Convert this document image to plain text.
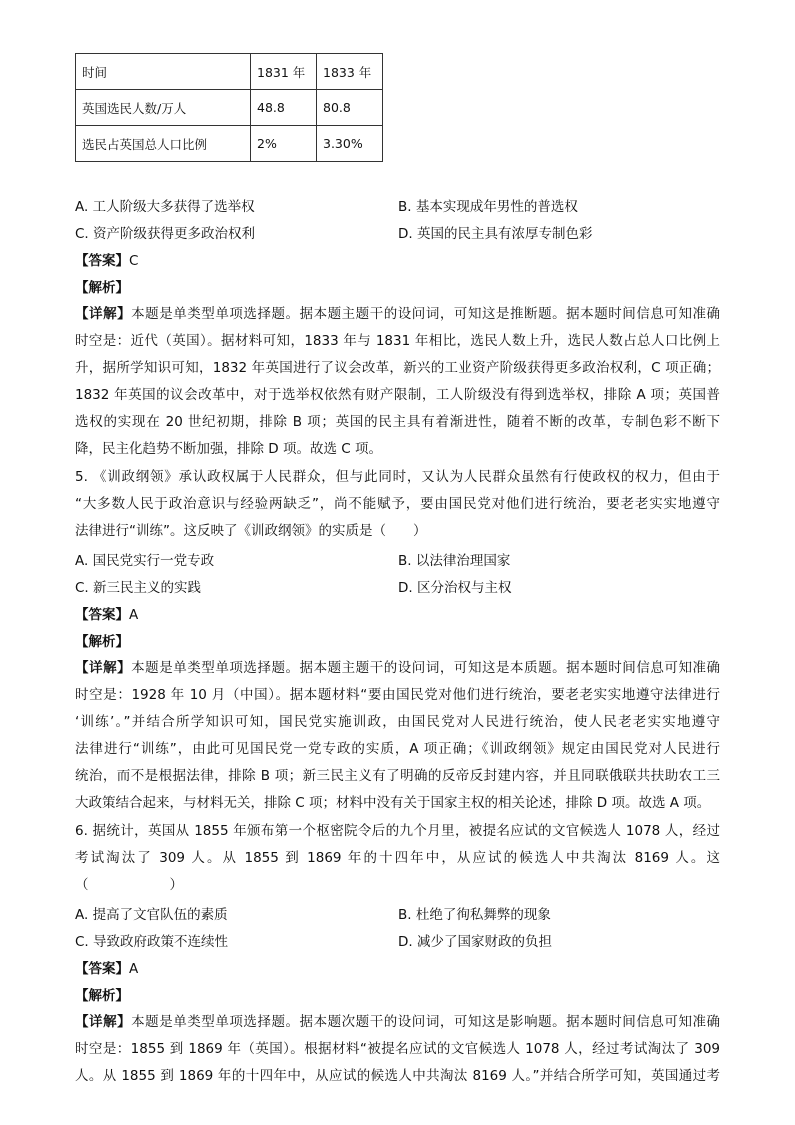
时间	1831 年	1833 年
英国选民人数/万人	48.8	80.8
选民占英国总人口比例	2%	3.30%
A. 工人阶级大多获得了选举权	B. 基本实现成年男性的普选权
C. 资产阶级获得更多政治权利	D. 英国的民主具有浓厚专制色彩
【答案】C
【解析】
【详解】本题是单类型单项选择题。据本题主题干的设问词，可知这是推断题。据本题时间信息可知准确
时空是：近代（英国）。据材料可知，1833 年与 1831 年相比，选民人数上升，选民人数占总人口比例上
升，据所学知识可知，1832 年英国进行了议会改革，新兴的工业资产阶级获得更多政治权利，C 项正确；
1832 年英国的议会改革中，对于选举权依然有财产限制，工人阶级没有得到选举权，排除 A 项；英国普
选权的实现在 20 世纪初期，排除 B 项；英国的民主具有着渐进性，随着不断的改革，专制色彩不断下
降，民主化趋势不断加强，排除 D 项。故选 C 项。
5. 《训政纲领》承认政权属于人民群众，但与此同时，又认为人民群众虽然有行使政权的权力，但由于
“大多数人民于政治意识与经验两缺乏”，尚不能赋予，要由国民党对他们进行统治，要老老实实地遵守
法律进行“训练”。这反映了《训政纲领》的实质是（　　）
A. 国民党实行一党专政	B. 以法律治理国家
C. 新三民主义的实践	D. 区分治权与主权
【答案】A
【解析】
【详解】本题是单类型单项选择题。据本题主题干的设问词，可知这是本质题。据本题时间信息可知准确
时空是：1928 年 10 月（中国）。据本题材料“要由国民党对他们进行统治，要老老实实地遵守法律进行
‘训练’。”并结合所学知识可知，国民党实施训政，由国民党对人民进行统治，使人民老老实实地遵守
法律进行“训练”，由此可见国民党一党专政的实质，A 项正确；《训政纲领》规定由国民党对人民进行
统治，而不是根据法律，排除 B 项；新三民主义有了明确的反帝反封建内容，并且同联俄联共扶助农工三
大政策结合起来，与材料无关，排除 C 项；材料中没有关于国家主权的相关论述，排除 D 项。故选 A 项。
6. 据统计，英国从 1855 年颁布第一个枢密院令后的九个月里，被提名应试的文官候选人 1078 人，经过
考试淘汰了 309 人。从 1855 到 1869 年的十四年中，从应试的候选人中共淘汰 8169 人。这
（　　　　　　）
A. 提高了文官队伍的素质	B. 杜绝了徇私舞弊的现象
C. 导致政府政策不连续性	D. 减少了国家财政的负担
【答案】A
【解析】
【详解】本题是单类型单项选择题。据本题次题干的设问词，可知这是影响题。据本题时间信息可知准确
时空是：1855 到 1869 年（英国）。根据材料“被提名应试的文官候选人 1078 人，经过考试淘汰了 309
人。从 1855 到 1869 年的十四年中，从应试的候选人中共淘汰 8169 人。”并结合所学可知，英国通过考
